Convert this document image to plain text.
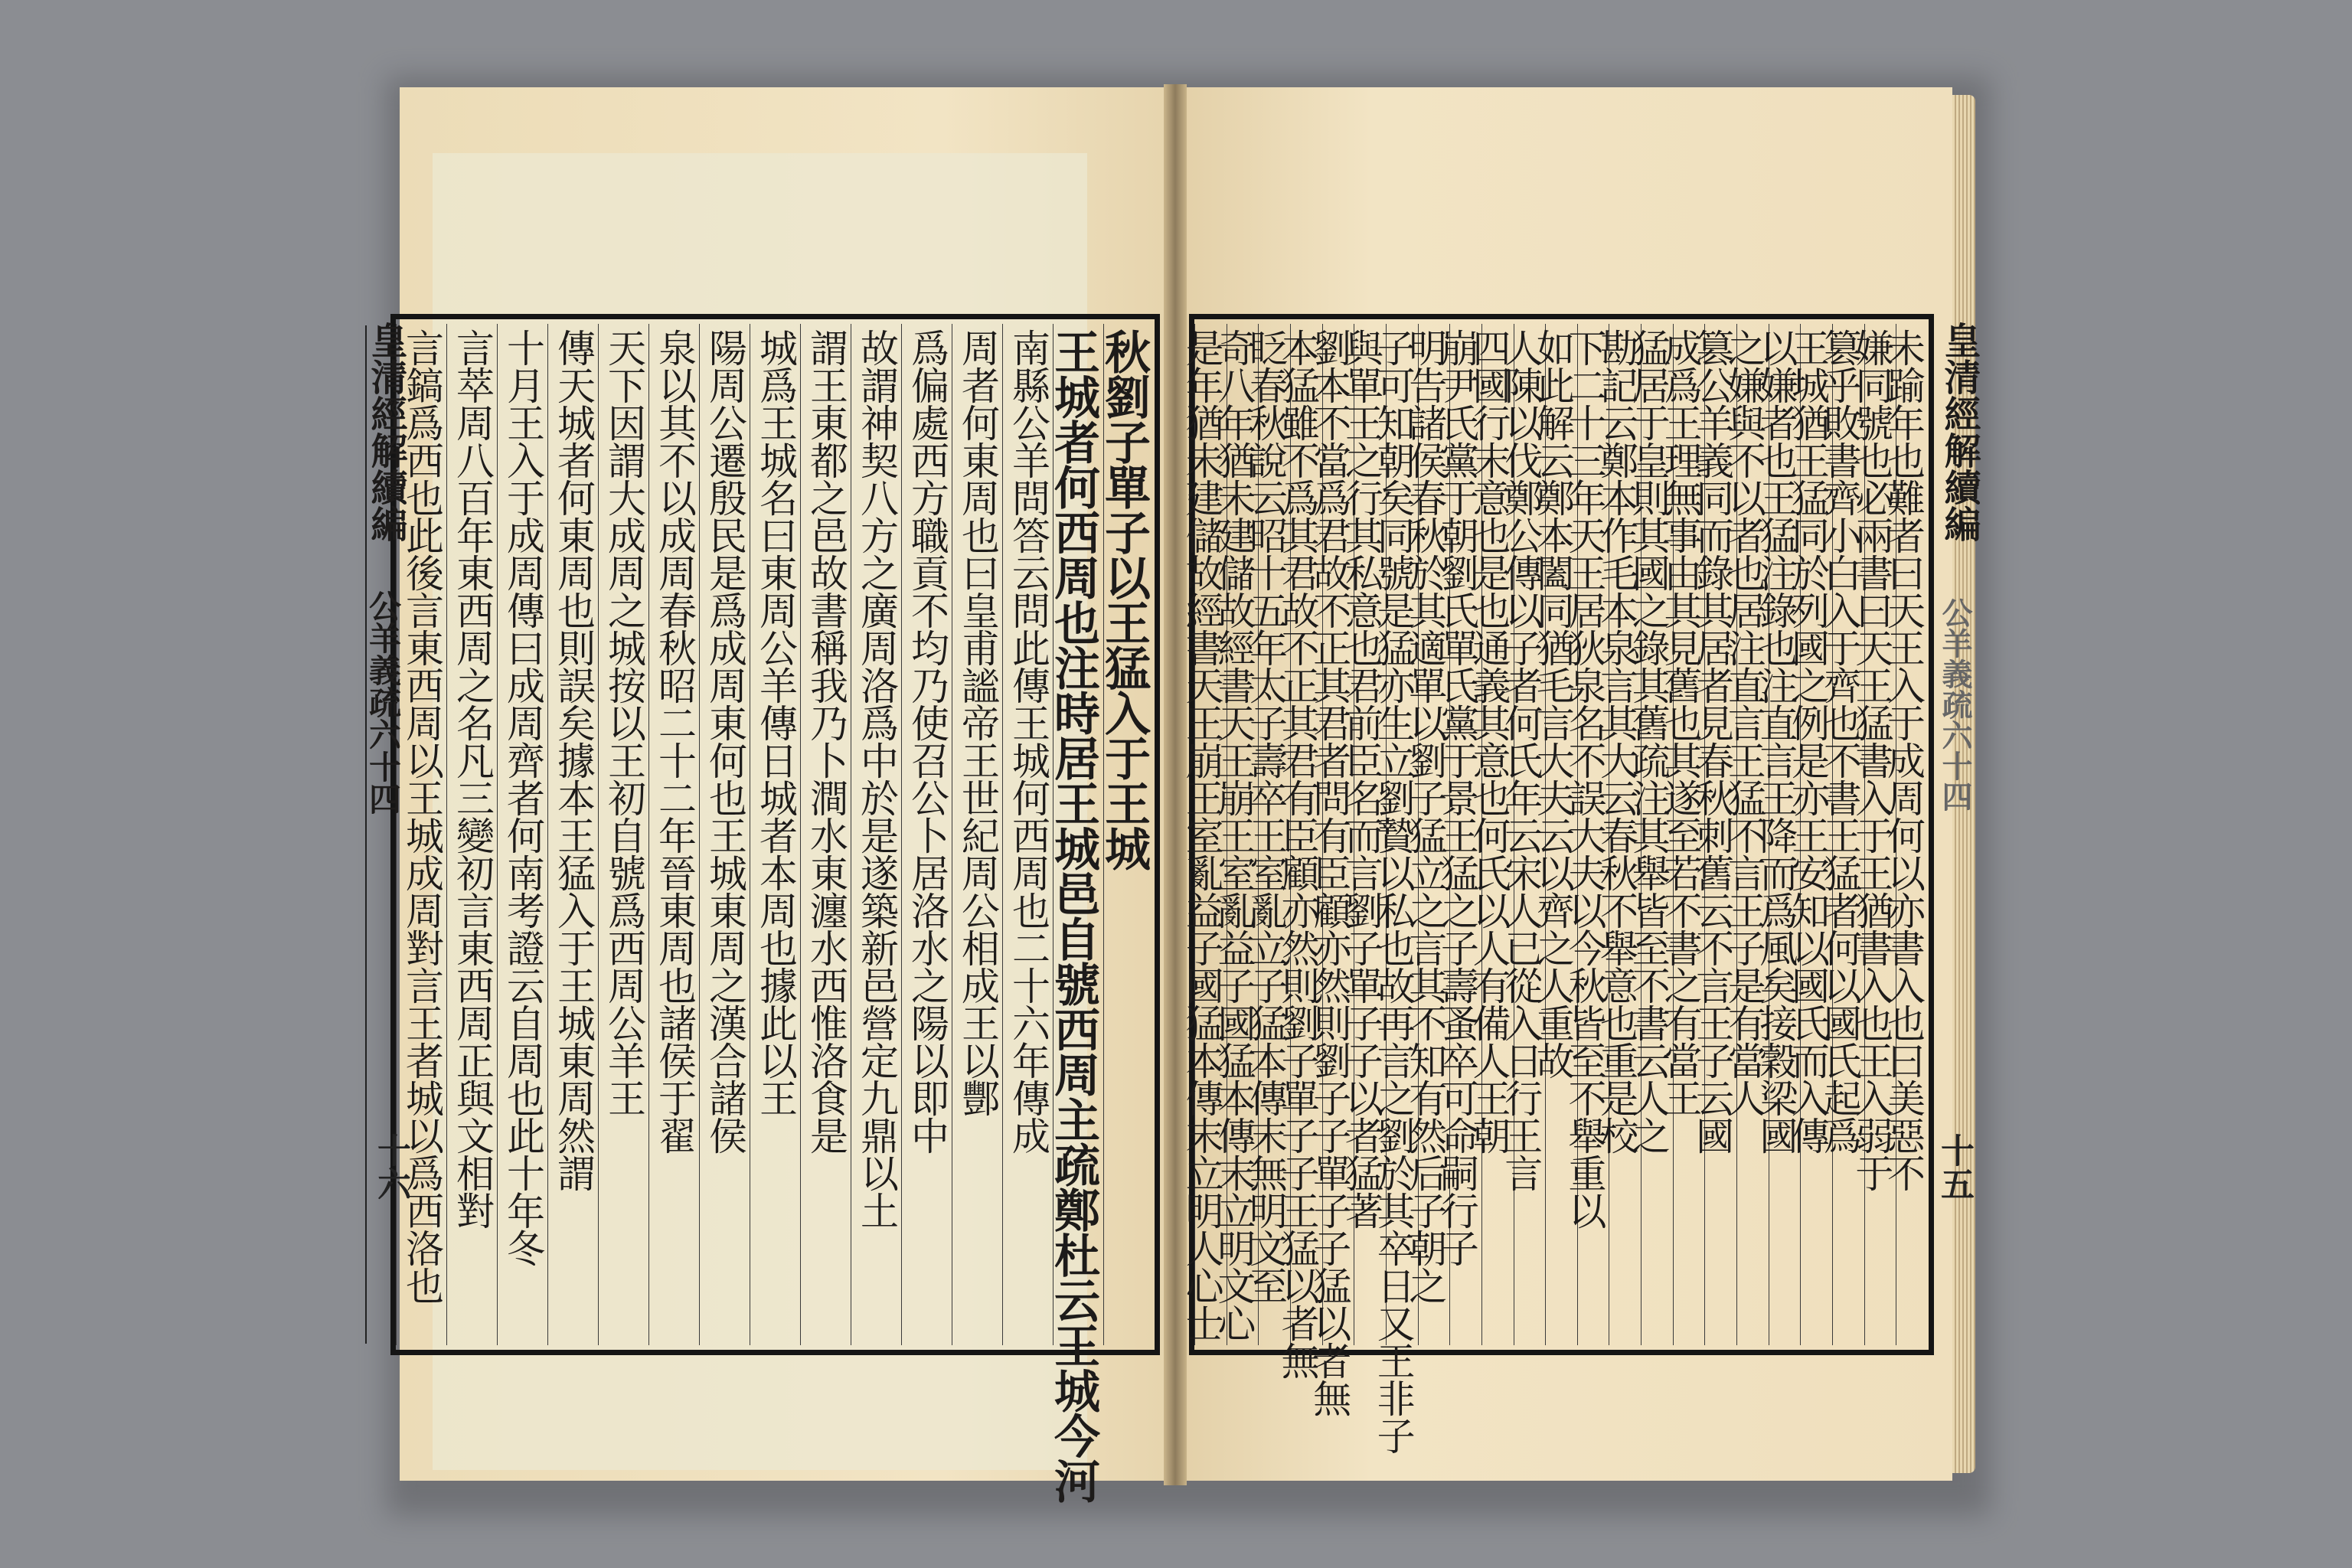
秋劉子單子以王猛入于王城
王城者何西周也注時居王城邑自號西周主疏鄭杜云王城今河
南縣公羊問答云問此傳王城何西周也二十六年傳成
周者何東周也曰皇甫謐帝王世紀周公相成王以酆
爲偏處西方職貢不均乃使召公卜居洛水之陽以即中
故謂神契八方之廣周洛爲中於是遂築新邑營定九鼎以土
謂王東都之邑故書稱我乃卜澗水東瀍水西惟洛食是
城爲王城名曰東周公羊傳日城者本周也據此以王
陽周公遷殷民是爲成周東何也王城東周之漢合諸侯
泉以其不以成周春秋昭二十二年晉東周也諸侯于翟
天下因謂大成周之城按以王初自號爲西周公羊王
傳天城者何東周也則誤矣據本王猛入于王城東周然謂
十月王入于成周傳曰成周齊者何南考證云自周也此十年冬
言萃周八百年東西周之名凡三變初言東西周正與文相對
言鎬爲西也此後言東西周以王城成周對言王者城以爲西洛也	未踰年也難者曰天王入于成周何以亦書入也曰美惡不
嫌同號也必兩書曰天王猛書入于王猶書入也王入弱于
篡乎敗書齊小白入于齊也不書王猛者何以國氏起爲
王城猶王猛同於列國之例是亦王安知以國氏而入傳
以嫌者也王猛注錄也注直言王降而爲風矣接穀梁國
之嫌與不以者也居注直言王猛不言王子是有當人
篡公羊義同而錄其居者見春秋刺舊云不言王子云國
成爲王理無事由其見舊也其遂至若不書之有當王
猛居于皇則其國之錄其舊疏注其舉皆至不書云人之
勘記云鄭本作毛本泉言其大云春秋不舉意也重是校
下二十三年天王居狄泉名不誤大夫以今秋皆至不舉重以
如此解云鄭本闔同猶毛言大夫云以齊之人重故
人陳以伐鄭公傳以子者何氏年云宋人已從入日行王言
四國行末意也是也通義其意也何氏以人有備人王朝
崩尹氏黨于朝劉氏單氏黨于景王猛之子壽蚤卒可命嗣行子
明告諸侯春秋於其適單以劉子猛立之言其不知有然后子朝之
子可知朝矣同號是猛亦生立劉贄以私也故再言之劉於其卒日又王非子
與單王之行其私意也君前臣名而言劉子單子子以者猛著
劉本不當爲君故不正其君者問有臣顧亦然則劉子子單子子猛以者無
本猛雖不爲其君故不正其君有臣顧亦然則劉子單子子王猛以者無
眨春秋說云昭十五年太子壽卒王室亂立子猛本傳末無明文至
奇八年猶未建儲故經書天王崩王室亂益子國猛本傳末立明文心
是年猶未建儲故經書天王崩王室亂益子國猛本傳末立明人心士
皇清經解續編
公羊義疏六十四
十六
皇清經解續編
公羊義疏六十四
十五
